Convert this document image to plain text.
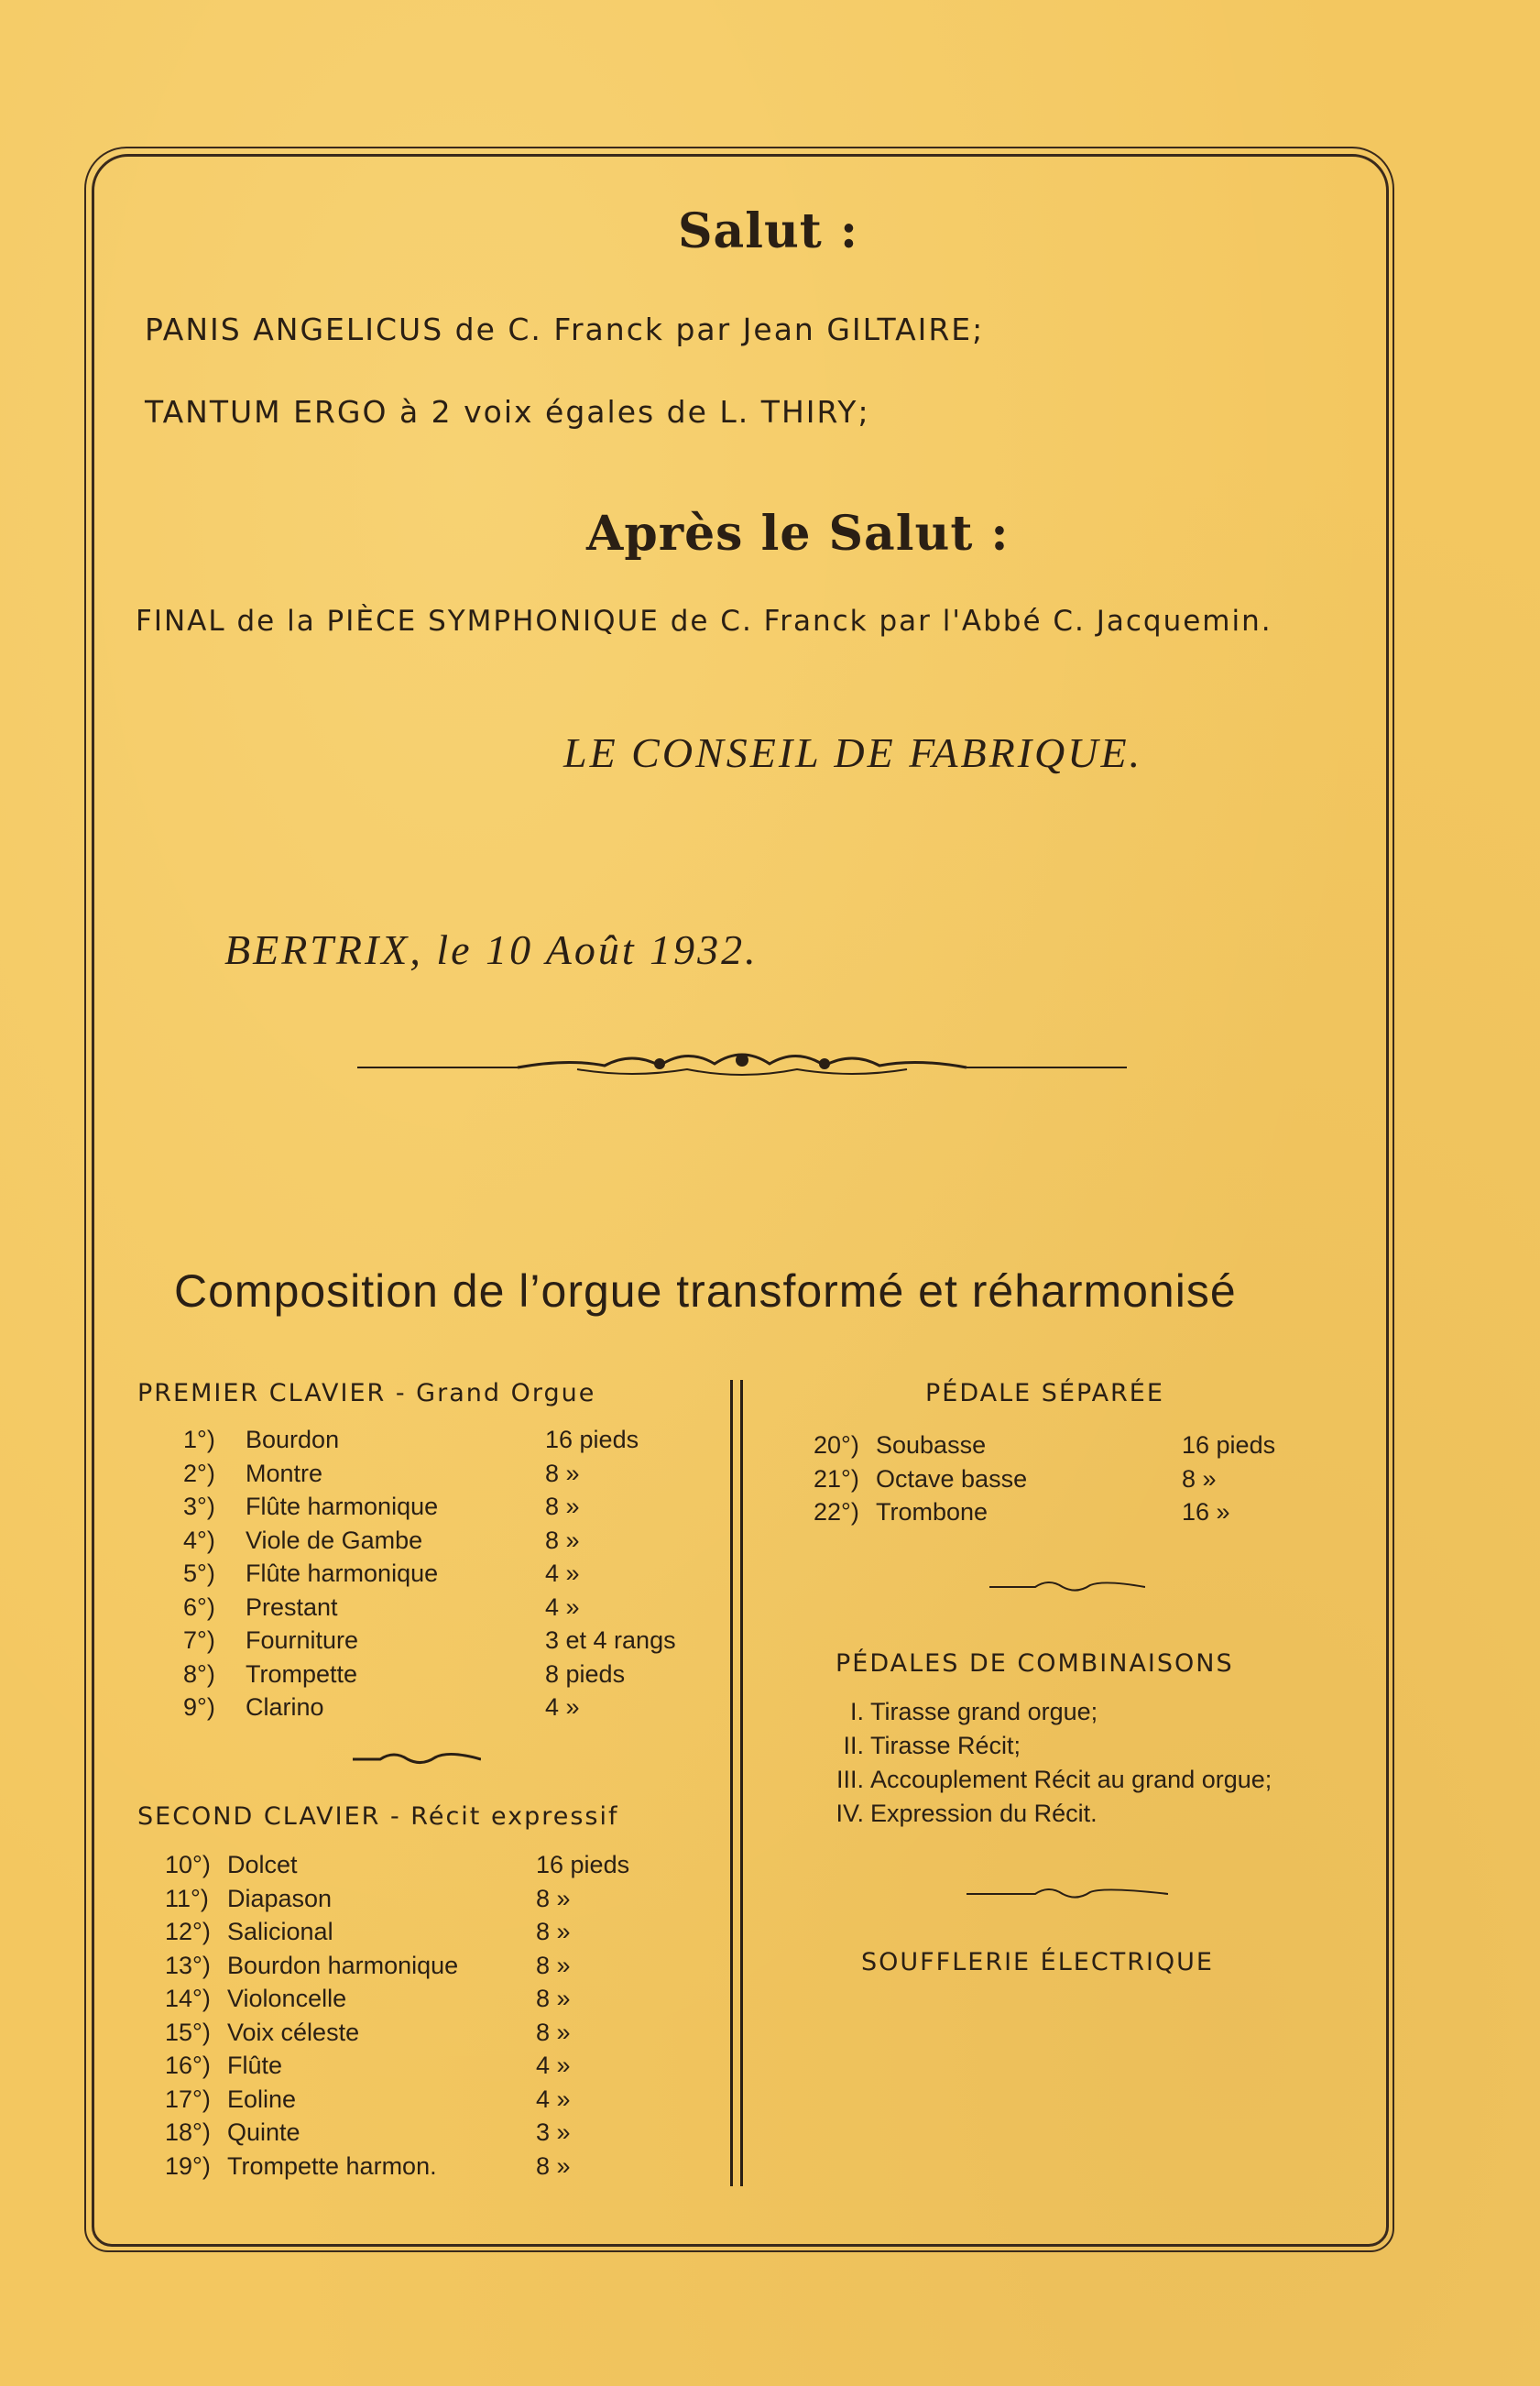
Salut :
PANIS ANGELICUS de C. Franck par Jean GILTAIRE;
TANTUM ERGO à 2 voix égales de L. THIRY;
Après le Salut :
FINAL de la PIÈCE SYMPHONIQUE de C. Franck par l'Abbé C. Jacquemin.
LE CONSEIL DE FABRIQUE.
BERTRIX, le 10 Août 1932.
Composition de l’orgue transformé et réharmonisé
PREMIER CLAVIER - Grand Orgue
1°) Bourdon	16 pieds
2°) Montre	8 »
3°) Flûte harmonique	8 »
4°) Viole de Gambe	8 »
5°) Flûte harmonique	4 »
6°) Prestant	4 »
7°) Fourniture	3 et 4 rangs
8°) Trompette	8 pieds
9°) Clarino	4 »
SECOND CLAVIER - Récit expressif
10°) Dolcet	16 pieds
11°) Diapason	8 »
12°) Salicional	8 »
13°) Bourdon harmonique	8 »
14°) Violoncelle	8 »
15°) Voix céleste	8 »
16°) Flûte	4 »
17°) Eoline	4 »
18°) Quinte	3 »
19°) Trompette harmon.	8 »
PÉDALE SÉPARÉE
20°) Soubasse	16 pieds
21°) Octave basse	8 »
22°) Trombone	16 »
PÉDALES DE COMBINAISONS
I. Tirasse grand orgue;
II. Tirasse Récit;
III. Accouplement Récit au grand orgue;
IV. Expression du Récit.
SOUFFLERIE ÉLECTRIQUE
